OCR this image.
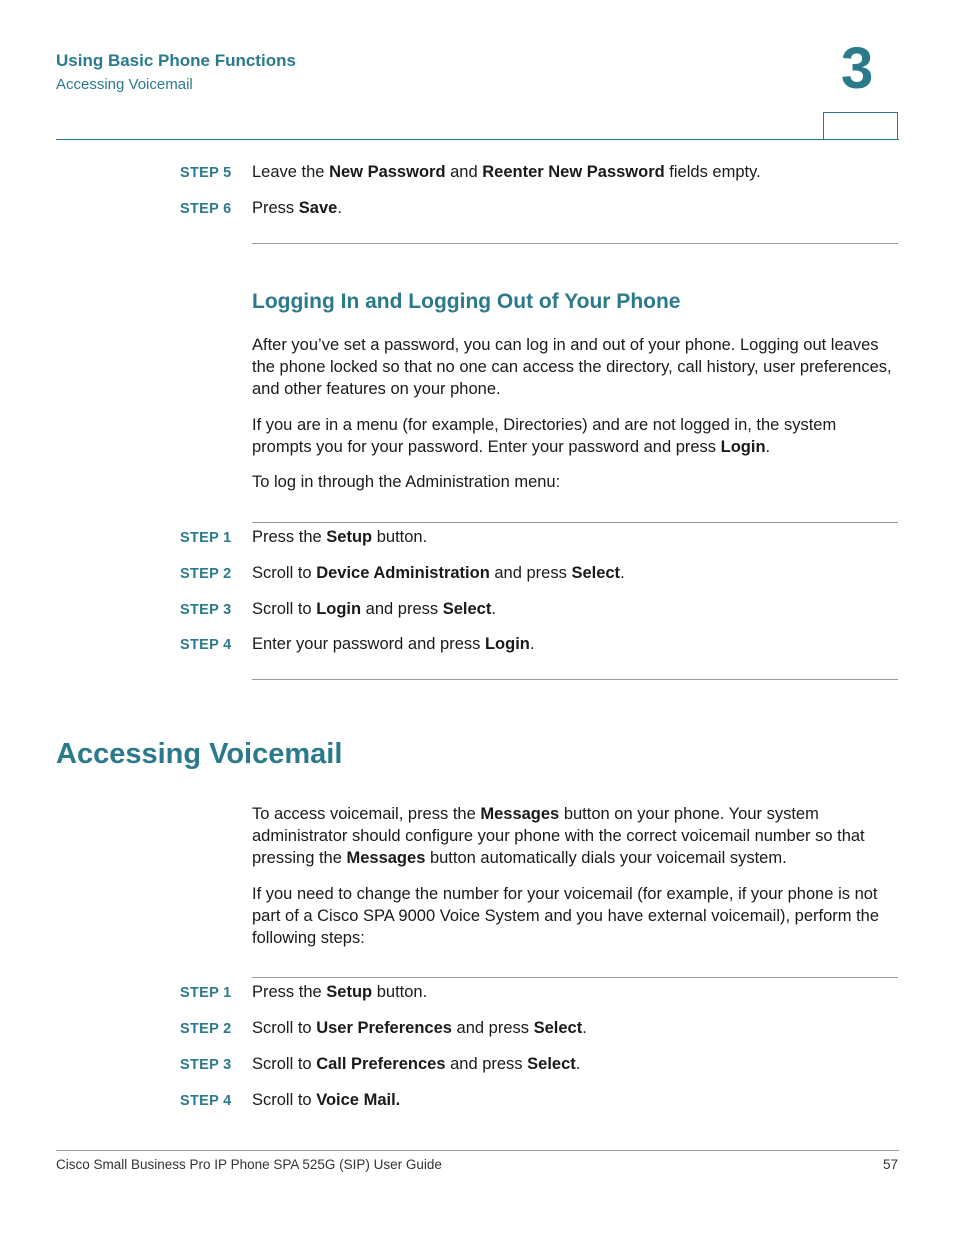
Using Basic Phone Functions
Accessing Voicemail	3
STEP 5 Leave the New Password and Reenter New Password fields empty.
STEP 6 Press Save.
Logging In and Logging Out of Your Phone
After you’ve set a password, you can log in and out of your phone. Logging out leaves the phone locked so that no one can access the directory, call history, user preferences, and other features on your phone.
If you are in a menu (for example, Directories) and are not logged in, the system prompts you for your password. Enter your password and press Login.
To log in through the Administration menu:
STEP 1 Press the Setup button.
STEP 2 Scroll to Device Administration and press Select.
STEP 3 Scroll to Login and press Select.
STEP 4 Enter your password and press Login.
Accessing Voicemail
To access voicemail, press the Messages button on your phone. Your system administrator should configure your phone with the correct voicemail number so that pressing the Messages button automatically dials your voicemail system.
If you need to change the number for your voicemail (for example, if your phone is not part of a Cisco SPA 9000 Voice System and you have external voicemail), perform the following steps:
STEP 1 Press the Setup button.
STEP 2 Scroll to User Preferences and press Select.
STEP 3 Scroll to Call Preferences and press Select.
STEP 4 Scroll to Voice Mail.
Cisco Small Business Pro IP Phone SPA 525G (SIP) User Guide	57
